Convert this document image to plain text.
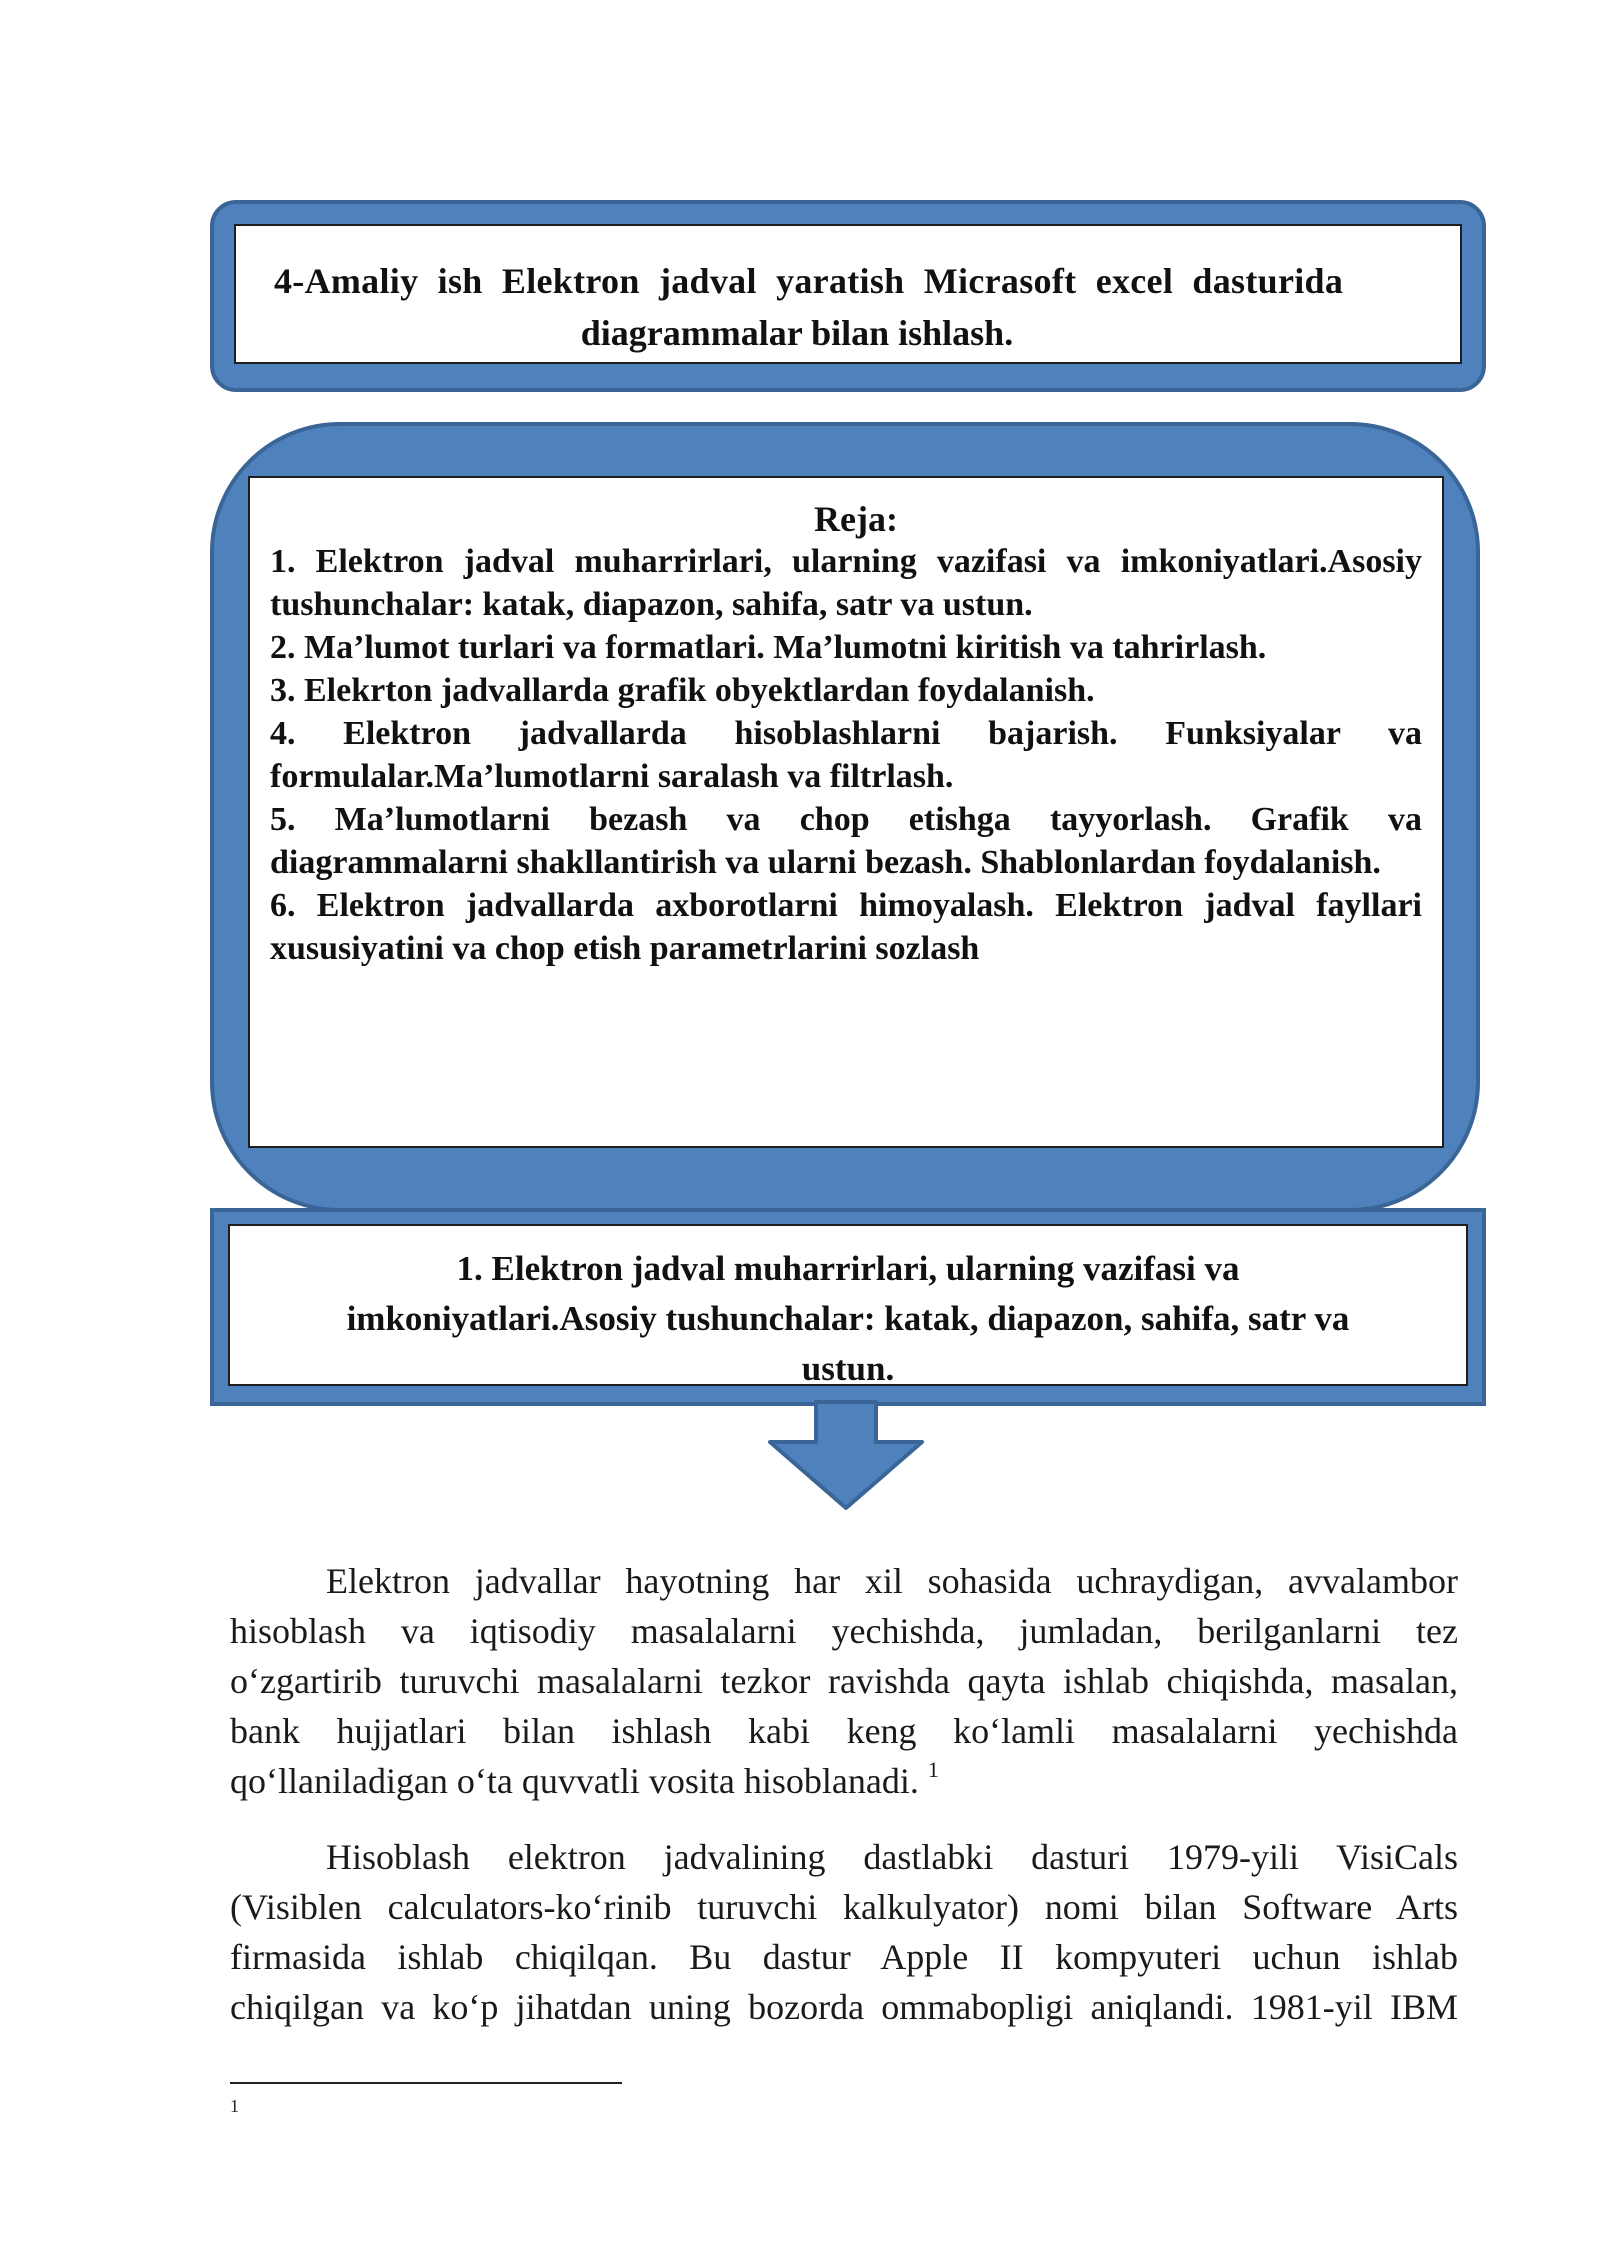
4-Amaliy ish Elektron jadval yaratish Micrasoft excel dasturida
diagrammalar bilan ishlash.
Reja:
1. Elektron jadval muharrirlari, ularning vazifasi va imkoniyatlari.Asosiy tushunchalar: katak, diapazon, sahifa, satr va ustun.
2. Ma’lumot turlari va formatlari. Ma’lumotni kiritish va tahrirlash.
3. Elekrton jadvallarda grafik obyektlardan foydalanish.
4. Elektron jadvallarda hisoblashlarni bajarish. Funksiyalar va formulalar.Ma’lumotlarni saralash va filtrlash.
5. Ma’lumotlarni bezash va chop etishga tayyorlash. Grafik va diagrammalarni shakllantirish va ularni bezash. Shablonlardan foydalanish.
6. Elektron jadvallarda axborotlarni himoyalash. Elektron jadval fayllari xususiyatini va chop etish parametrlarini sozlash
1. Elektron jadval muharrirlari, ularning vazifasi va
imkoniyatlari.Asosiy tushunchalar: katak, diapazon, sahifa, satr va
ustun.
Elektron jadvallar hayotning har xil sohasida uchraydigan, avvalambor
hisoblash va iqtisodiy masalalarni yechishda, jumladan, berilganlarni tez
o‘zgartirib turuvchi masalalarni tezkor ravishda qayta ishlab chiqishda, masalan,
bank hujjatlari bilan ishlash kabi keng ko‘lamli masalalarni yechishda
qo‘llaniladigan o‘ta quvvatli vosita hisoblanadi. $^1$
Hisoblash elektron jadvalining dastlabki dasturi 1979-yili VisiCals
(Visiblen calculators-ko‘rinib turuvchi kalkulyator) nomi bilan Software Arts
firmasida ishlab chiqilqan. Bu dastur Apple II kompyuteri uchun ishlab
chiqilgan va ko‘p jihatdan uning bozorda ommabopligi aniqlandi. 1981-yil IBM
1
